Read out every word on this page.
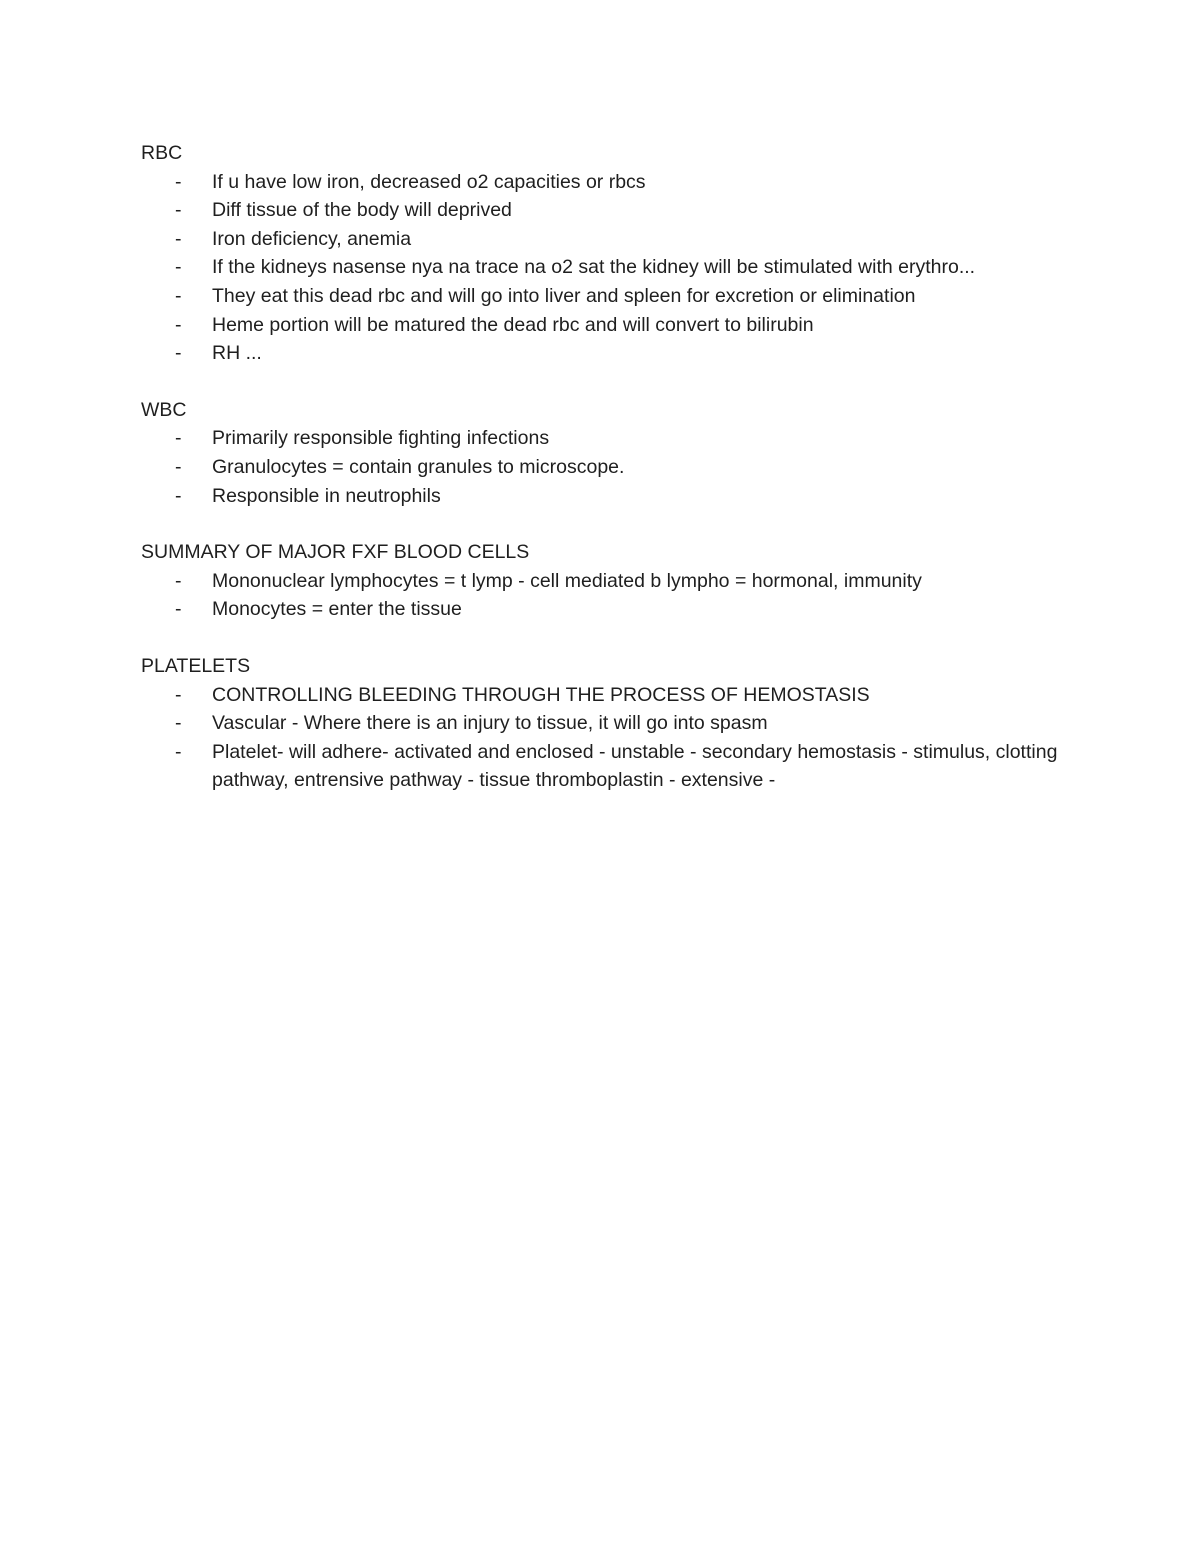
RBC

- If u have low iron, decreased o2 capacities or rbcs
- Diff tissue of the body will deprived
- Iron deficiency, anemia
- If the kidneys nasense nya na trace na o2 sat the kidney will be stimulated with erythro...
- They eat this dead rbc and will go into liver and spleen for excretion or elimination
- Heme portion will be matured the dead rbc and will convert to bilirubin
- RH ...

WBC

- Primarily responsible fighting infections
- Granulocytes = contain granules to microscope.
- Responsible in neutrophils

SUMMARY OF MAJOR FXF BLOOD CELLS

- Mononuclear lymphocytes = t lymp - cell mediated b lympho = hormonal, immunity
- Monocytes = enter the tissue

PLATELETS

- CONTROLLING BLEEDING THROUGH THE PROCESS OF HEMOSTASIS
- Vascular - Where there is an injury to tissue, it will go into spasm
- Platelet- will adhere- activated and enclosed - unstable - secondary hemostasis - stimulus, clotting pathway, entrensive pathway - tissue thromboplastin - extensive -
